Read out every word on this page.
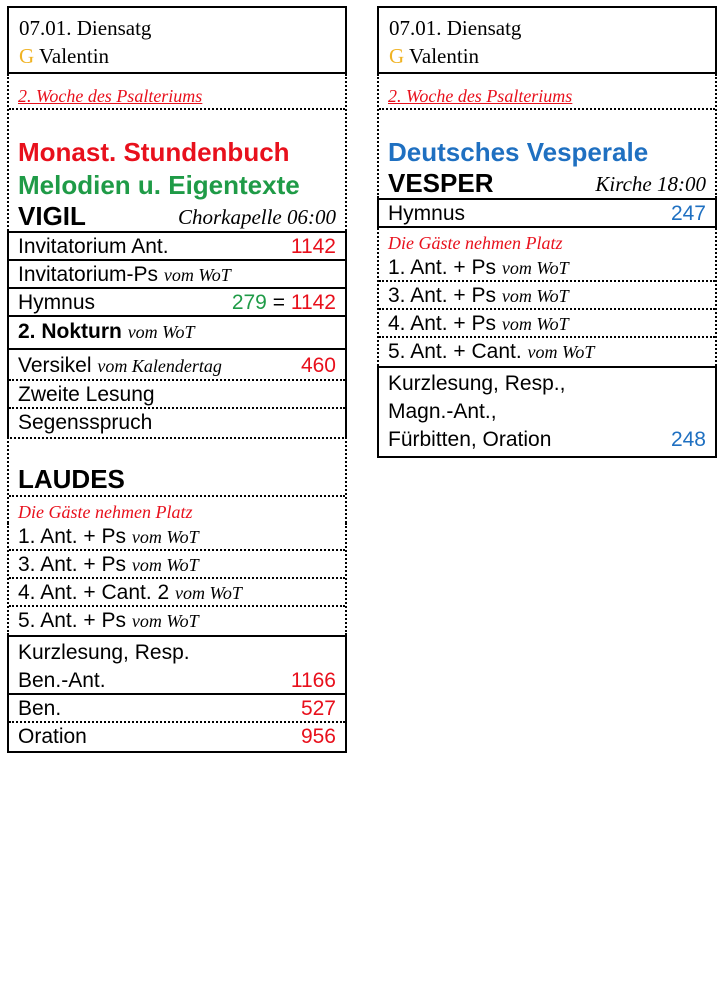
07.01. Diensatg
G Valentin
2. Woche des Psalteriums
Monast. Stundenbuch
Melodien u. Eigentexte
VIGIL	Chorkapelle 06:00
Invitatorium Ant.	1142
Invitatorium-Ps vom WoT
Hymnus	279 = 1142
2. Nokturn vom WoT
Versikel vom Kalendertag	460
Zweite Lesung
Segensspruch
LAUDES
Die Gäste nehmen Platz
1. Ant. + Ps vom WoT
3. Ant. + Ps vom WoT
4. Ant. + Cant. 2 vom WoT
5. Ant. + Ps vom WoT
Kurzlesung, Resp.
Ben.-Ant.	1166
Ben.	527
Oration	956
07.01. Diensatg
G Valentin
2. Woche des Psalteriums
Deutsches Vesperale
VESPER	Kirche 18:00
Hymnus	247
Die Gäste nehmen Platz
1. Ant. + Ps vom WoT
3. Ant. + Ps vom WoT
4. Ant. + Ps vom WoT
5. Ant. + Cant. vom WoT
Kurzlesung, Resp.,
Magn.-Ant.,
Fürbitten, Oration	248
